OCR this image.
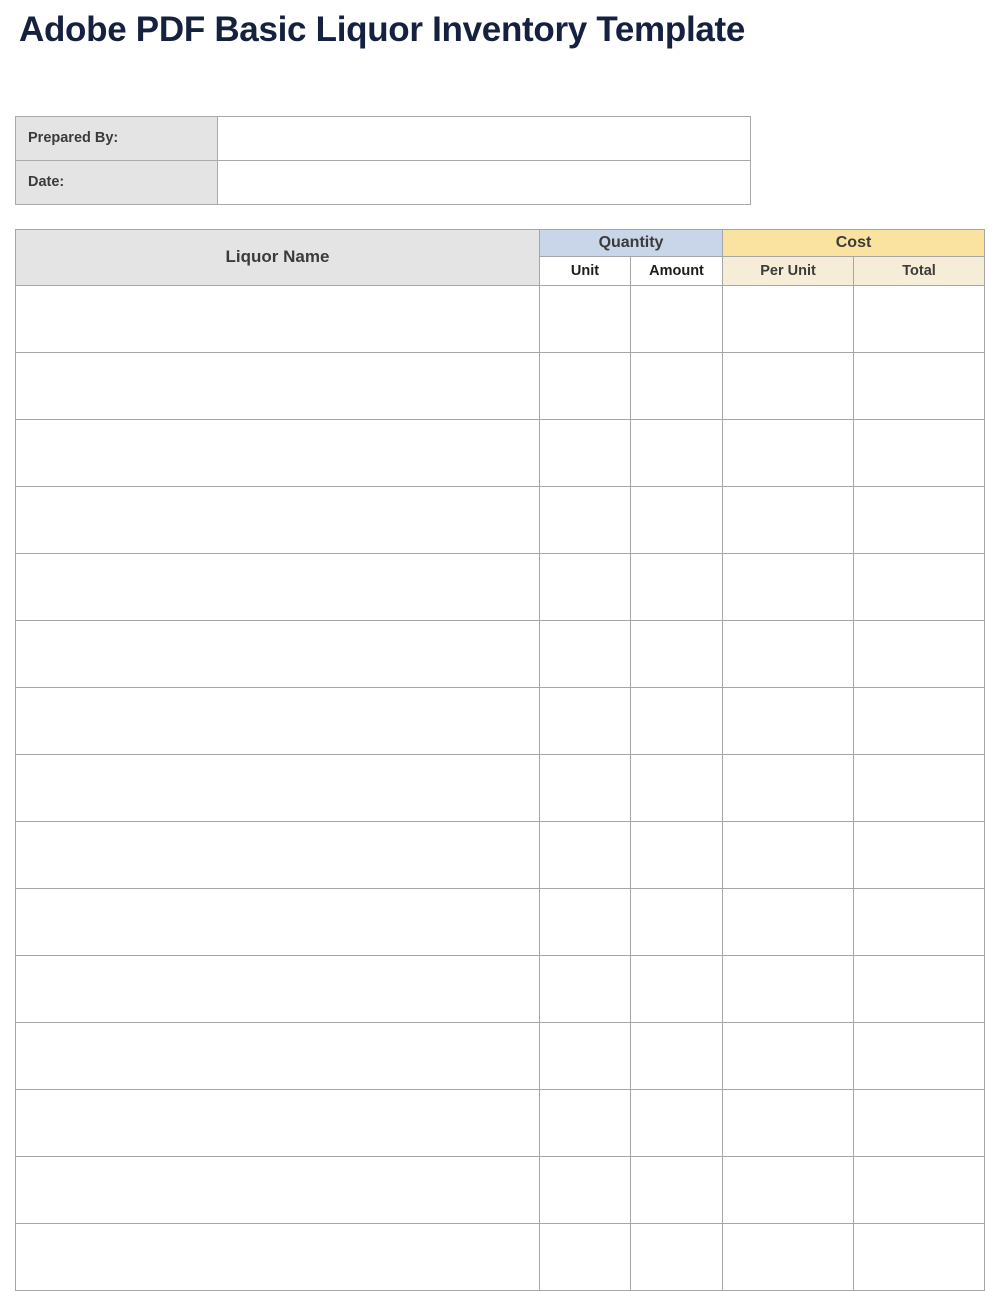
Adobe PDF Basic Liquor Inventory Template
Prepared By:	
Date:	
Liquor Name	Quantity		Cost	
	Unit	Amount	Per Unit	Total
